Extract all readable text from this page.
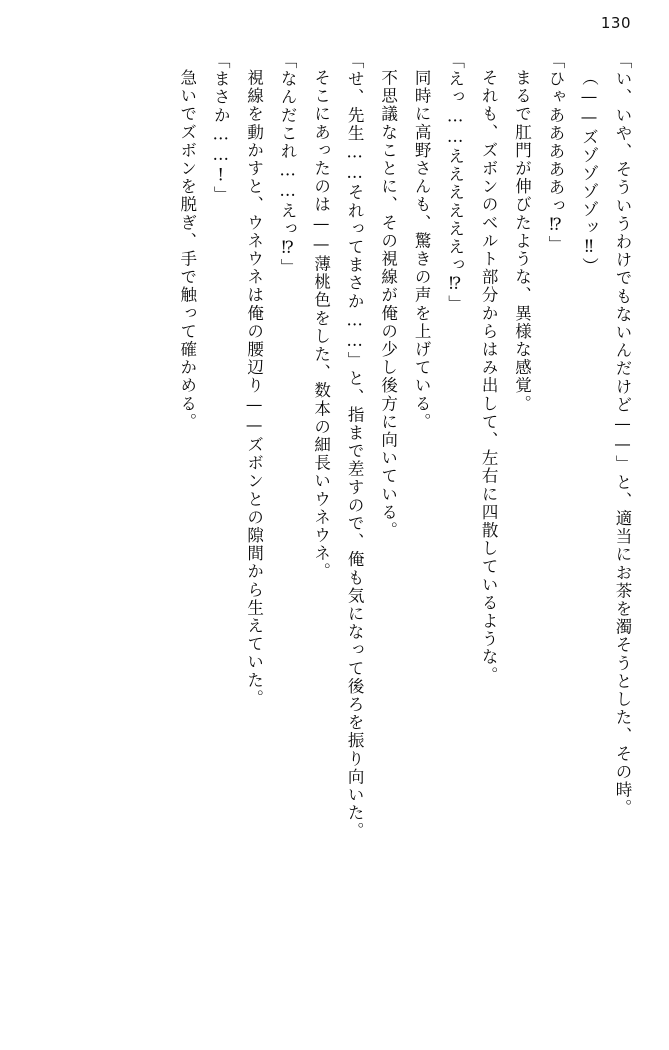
130

「い、いや、そういうわけでもないんだけど——」と、適当にお茶を濁そうとした、その時。

（——ズゾゾゾゾッ‼）

「ひゃあああああっ⁉」

まるで肛門が伸びたような、異様な感覚。

それも、ズボンのベルト部分からはみ出して、左右に四散しているような。

「えっ……ええええええっ⁉」

同時に高野さんも、驚きの声を上げている。

不思議なことに、その視線が俺の少し後方に向いている。

「せ、先生……それってまさか……」と、指まで差すので、俺も気になって後ろを振り向いた。

そこにあったのは——薄桃色をした、数本の細長いウネウネ。

「なんだこれ……えっ⁉」

視線を動かすと、ウネウネは俺の腰辺り——ズボンとの隙間から生えていた。

「まさか……!」

急いでズボンを脱ぎ、手で触って確かめる。
